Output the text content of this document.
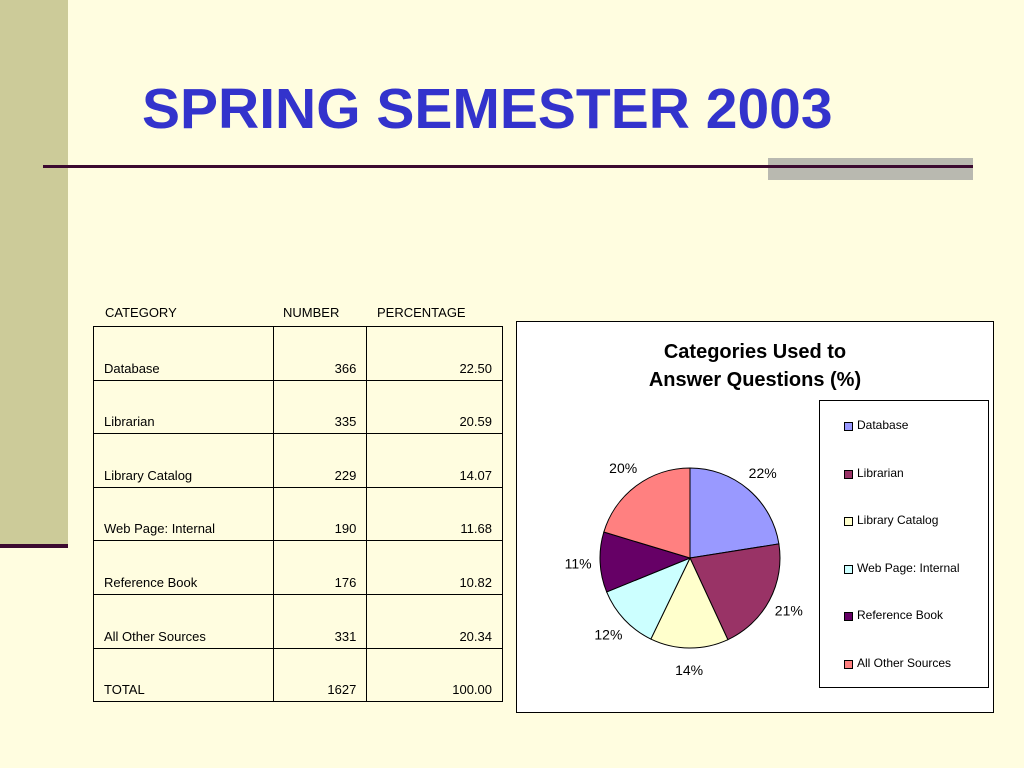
SPRING SEMESTER 2003
CATEGORY	NUMBER	PERCENTAGE
Database	366	22.50
Librarian	335	20.59
Library Catalog	229	14.07
Web Page: Internal	190	11.68
Reference Book	176	10.82
All Other Sources	331	20.34
TOTAL	1627	100.00
Categories Used to
Answer Questions (%)
22%
21%
14%
12%
11%
20%
Database
Librarian
Library Catalog
Web Page: Internal
Reference Book
All Other Sources
